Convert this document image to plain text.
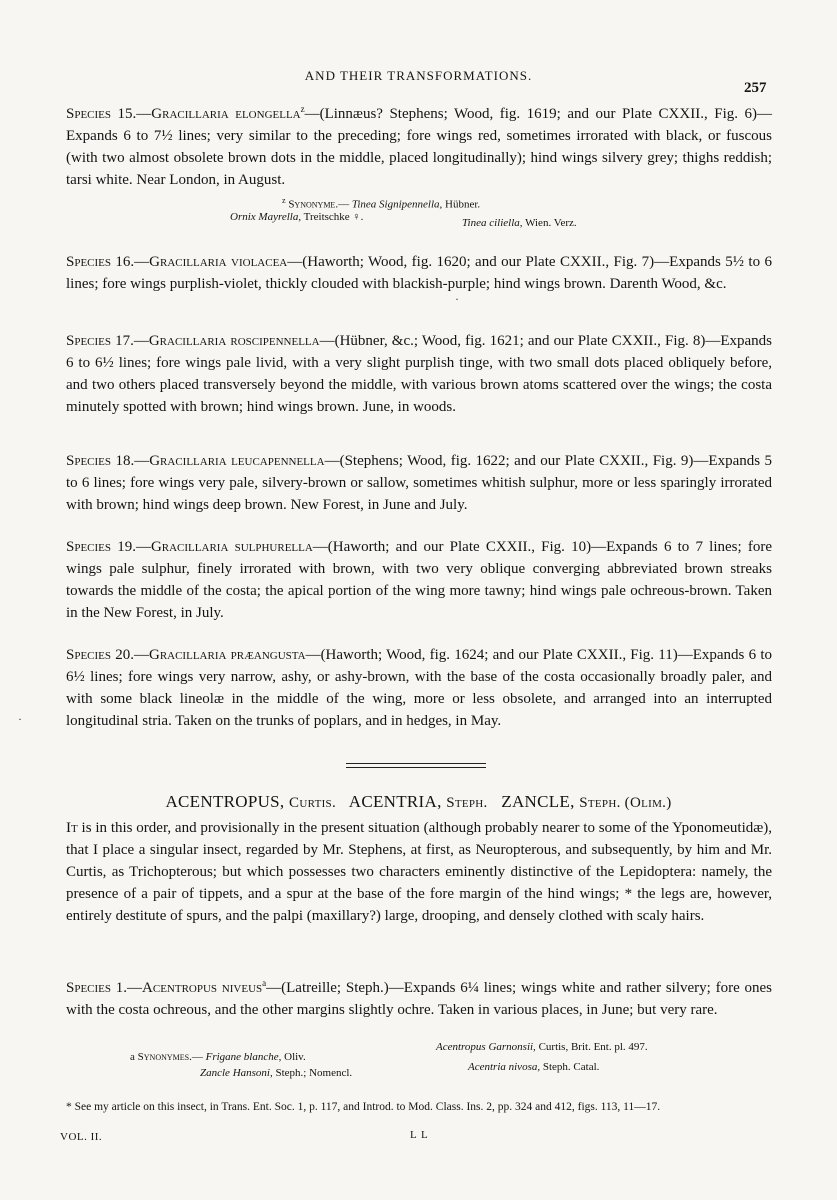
AND THEIR TRANSFORMATIONS.
257

Species 15.—Gracillaria elongella$^z$—(Linnæus? Stephens; Wood, fig. 1619; and our Plate CXXII., Fig. 6)—Expands 6 to 7½ lines; very similar to the preceding; fore wings red, sometimes irrorated with black, or fuscous (with two almost obsolete brown dots in the middle, placed longitudinally); hind wings silvery grey; thighs reddish; tarsi white. Near London, in August.

$^z$ Synonyme.— Tinea Signipennella, Hübner.
Ornix Mayrella, Treitschke ♀.	Tinea ciliella, Wien. Verz.

Species 16.—Gracillaria violacea—(Haworth; Wood, fig. 1620; and our Plate CXXII., Fig. 7)—Expands 5½ to 6 lines; fore wings purplish-violet, thickly clouded with blackish-purple; hind wings brown. Darenth Wood, &c.

Species 17.—Gracillaria roscipennella—(Hübner, &c.; Wood, fig. 1621; and our Plate CXXII., Fig. 8)—Expands 6 to 6½ lines; fore wings pale livid, with a very slight purplish tinge, with two small dots placed obliquely before, and two others placed transversely beyond the middle, with various brown atoms scattered over the wings; the costa minutely spotted with brown; hind wings brown. June, in woods.

Species 18.—Gracillaria leucapennella—(Stephens; Wood, fig. 1622; and our Plate CXXII., Fig. 9)—Expands 5 to 6 lines; fore wings very pale, silvery-brown or sallow, sometimes whitish sulphur, more or less sparingly irrorated with brown; hind wings deep brown. New Forest, in June and July.

Species 19.—Gracillaria sulphurella—(Haworth; and our Plate CXXII., Fig. 10)—Expands 6 to 7 lines; fore wings pale sulphur, finely irrorated with brown, with two very oblique converging abbreviated brown streaks towards the middle of the costa; the apical portion of the wing more tawny; hind wings pale ochreous-brown. Taken in the New Forest, in July.

Species 20.—Gracillaria præangusta—(Haworth; Wood, fig. 1624; and our Plate CXXII., Fig. 11)—Expands 6 to 6½ lines; fore wings very narrow, ashy, or ashy-brown, with the base of the costa occasionally broadly paler, and with some black lineolæ in the middle of the wing, more or less obsolete, and arranged into an interrupted longitudinal stria. Taken on the trunks of poplars, and in hedges, in May.

ACENTROPUS, Curtis. ACENTRIA, Steph. ZANCLE, Steph. (Olim.)

It is in this order, and provisionally in the present situation (although probably nearer to some of the Yponomeutidæ), that I place a singular insect, regarded by Mr. Stephens, at first, as Neuropterous, and subsequently, by him and Mr. Curtis, as Trichopterous; but which possesses two characters eminently distinctive of the Lepidoptera: namely, the presence of a pair of tippets, and a spur at the base of the fore margin of the hind wings; * the legs are, however, entirely destitute of spurs, and the palpi (maxillary?) large, drooping, and densely clothed with scaly hairs.

Species 1.—Acentropus niveus$^a$—(Latreille; Steph.)—Expands 6¼ lines; wings white and rather silvery; fore ones with the costa ochreous, and the other margins slightly ochre. Taken in various places, in June; but very rare.

a Synonymes.— Frigane blanche, Oliv.
Zancle Hansoni, Steph.; Nomencl.
Acentropus Garnonsii, Curtis, Brit. Ent. pl. 497.
Acentria nivosa, Steph. Catal.
* See my article on this insect, in Trans. Ent. Soc. 1, p. 117, and Introd. to Mod. Class. Ins. 2, pp. 324 and 412, figs. 113, 11—17.
VOL. II.	L L
·
·
